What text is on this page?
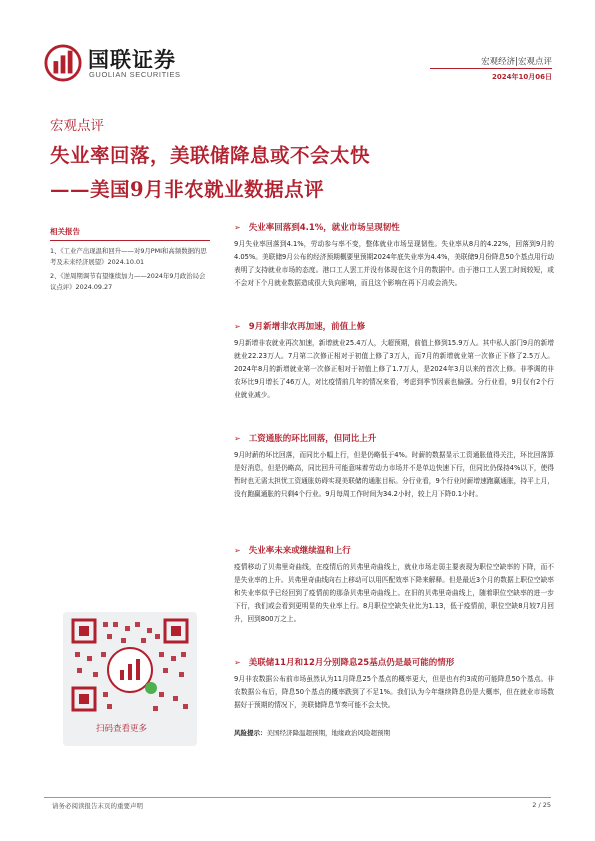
国联证券
GUOLIAN SECURITIES
宏观经济|宏观点评
2024年10月06日
宏观点评
失业率回落，美联储降息或不会太快
——美国9月非农就业数据点评
相关报告
1、《工业产出现温和回升——对9月PMI和高频数据的思考及未来经济展望》2024.10.01
2、《逆周期调节有望继续加力——2024年9月政治局会议点评》2024.09.27
扫码查看更多
➢ 失业率回落到4.1%，就业市场呈现韧性
9月失业率回落到4.1%，劳动参与率不变，整体就业市场呈现韧性。失业率从8月的4.22%，回落到9月的4.05%。美联储9月公布的经济预期概要里预期2024年底失业率为4.4%，美联储9月份降息50个基点用行动表明了支持就业市场的态度。港口工人罢工并没有体现在这个月的数据中。由于港口工人罢工时间较短，或不会对下个月就业数据造成很大负向影响，而且这个影响在再下月或会消失。
➢ 9月新增非农再加速，前值上修
9月新增非农就业再次加速，新增就业25.4万人，大超预期，前值上修到15.9万人。其中私人部门9月的新增就业22.23万人。7月第二次修正相对于初值上修了3万人，而7月的新增就业第一次修正下修了2.5万人。2024年8月的新增就业第一次修正相对于初值上修了1.7万人，是2024年3月以来的首次上修。非季调的非农环比9月增长了46万人，对比疫情前几年的情况来看，考虑到季节因素也偏强。分行业看，9月仅有2个行业就业减少。
➢ 工资通胀的环比回落，但同比上升
9月时薪的环比回落，而同比小幅上行，但是仍略低于4%。时薪的数据显示工资通胀值得关注，环比回落算是好消息，但是仍略高，同比回升可能意味着劳动力市场并不是单边快速下行，但同比仍保持4%以下，使得暂时也无需太担忧工资通胀妨碍实现美联储的通胀目标。分行业看，9个行业时薪增速跑赢通胀，持平上月，没有跑赢通胀的只剩4个行业。9月每周工作时间为34.2小时，较上月下降0.1小时。
➢ 失业率未来或继续温和上行
疫情移动了贝弗里奇曲线，在疫情后的贝弗里奇曲线上，就业市场走弱主要表现为职位空缺率的下降，而不是失业率的上升。贝弗里奇曲线向右上移动可以用匹配效率下降来解释。但是最近3个月的数据上职位空缺率和失业率似乎已经回到了疫情前的那条贝弗里奇曲线上。在旧的贝弗里奇曲线上，随着职位空缺率的进一步下行，我们或会看到更明显的失业率上行。8月职位空缺失业比为1.13，低于疫情前，职位空缺8月较7月回升，回到800万之上。
➢ 美联储11月和12月分别降息25基点仍是最可能的情形
9月非农数据公布前市场虽然认为11月降息25个基点的概率更大，但是也有约3成的可能降息50个基点。非农数据公布后，降息50个基点的概率跌到了不足1%。我们认为今年继续降息仍是大概率，但在就业市场数据好于预期的情况下，美联储降息节奏可能不会太快。
风险提示：美国经济降温超预期，地缘政治风险超预期
请务必阅读报告末页的重要声明	2 / 25
